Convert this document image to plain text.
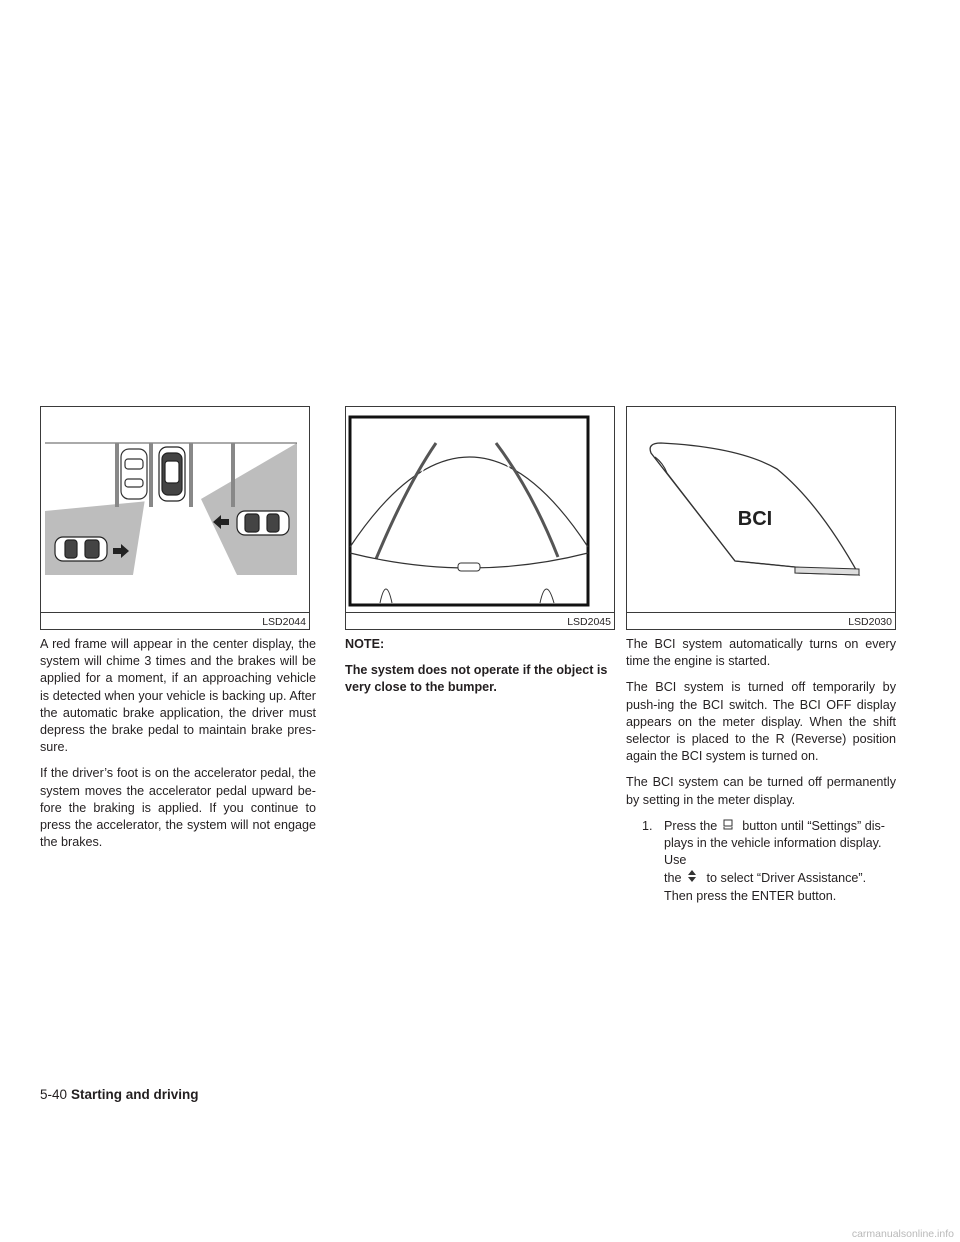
LSD2044	LSD2045
BCI
LSD2030

A red frame will appear in the center display, the system will chime 3 times and the brakes will be applied for a moment, if an approaching vehicle is detected when your vehicle is backing up. After the automatic brake application, the driver must depress the brake pedal to maintain brake pres-sure.

If the driver’s foot is on the accelerator pedal, the system moves the accelerator pedal upward be-fore the braking is applied. If you continue to press the accelerator, the system will not engage the brakes.

NOTE:

The system does not operate if the object is very close to the bumper.

The BCI system automatically turns on every time the engine is started.

The BCI system is turned off temporarily by push-ing the BCI switch. The BCI OFF display appears on the meter display. When the shift selector is placed to the R (Reverse) position again the BCI system is turned on.

The BCI system can be turned off permanently by setting in the meter display.

1. Press the button until “Settings” dis-
plays in the vehicle information display. Use
the to select “Driver Assistance”.
Then press the ENTER button.
5-40 Starting and driving
carmanualsonline.info
